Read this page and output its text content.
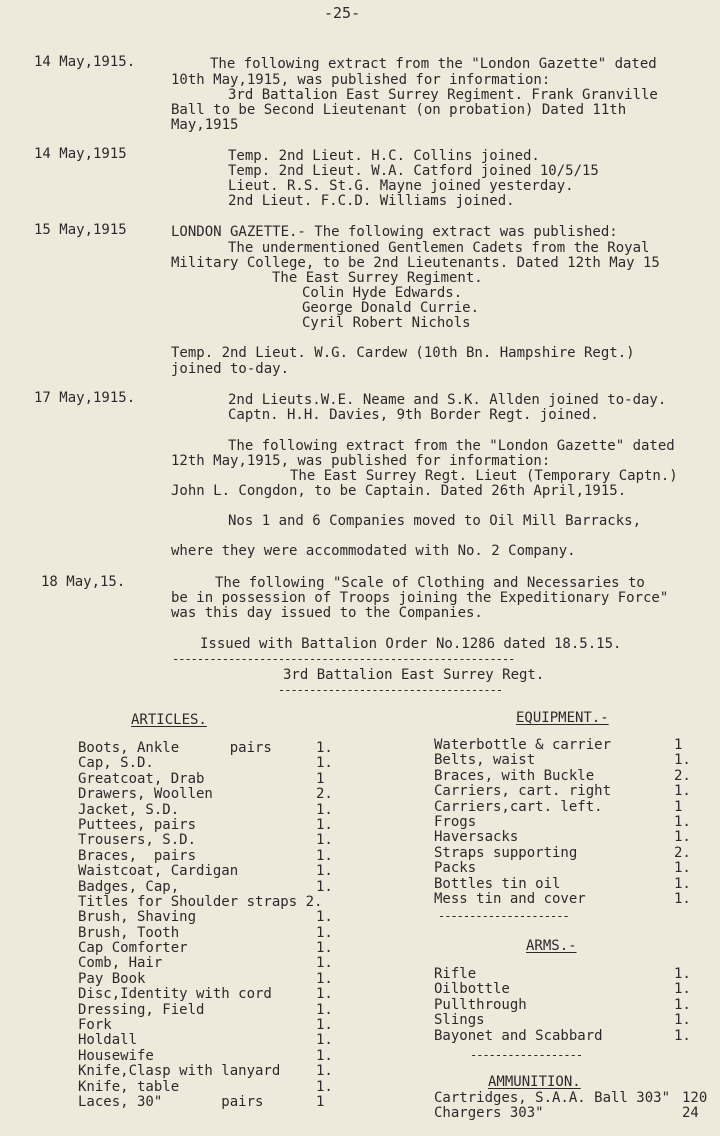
-25-
14 May,1915.	The following extract from the "London Gazette" dated
10th May,1915, was published for information:
3rd Battalion East Surrey Regiment. Frank Granville
Ball to be Second Lieutenant (on probation) Dated 11th
May,1915
14 May,1915	Temp. 2nd Lieut. H.C. Collins joined.
Temp. 2nd Lieut. W.A. Catford joined 10/5/15
Lieut. R.S. St.G. Mayne joined yesterday.
2nd Lieut. F.C.D. Williams joined.
15 May,1915	LONDON GAZETTE.- The following extract was published:
The undermentioned Gentlemen Cadets from the Royal
Military College, to be 2nd Lieutenants. Dated 12th May 15
The East Surrey Regiment.
Colin Hyde Edwards.
George Donald Currie.
Cyril Robert Nichols
Temp. 2nd Lieut. W.G. Cardew (10th Bn. Hampshire Regt.)
joined to-day.
17 May,1915.	2nd Lieuts.W.E. Neame and S.K. Allden joined to-day.
Captn. H.H. Davies, 9th Border Regt. joined.
The following extract from the "London Gazette" dated
12th May,1915, was published for information:
The East Surrey Regt. Lieut (Temporary Captn.)
John L. Congdon, to be Captain. Dated 26th April,1915.
Nos 1 and 6 Companies moved to Oil Mill Barracks,
where they were accommodated with No. 2 Company.
18 May,15.	The following "Scale of Clothing and Necessaries to
be in possession of Troops joining the Expeditionary Force"
was this day issued to the Companies.
Issued with Battalion Order No.1286 dated 18.5.15.
-------------------------------------------------------
3rd Battalion East Surrey Regt.
------------------------------------
ARTICLES.
Boots, Ankle      pairs	1.
Cap, S.D.	1.
Greatcoat, Drab	1
Drawers, Woollen	2.
Jacket, S.D.	1.
Puttees, pairs	1.
Trousers, S.D.	1.
Braces,  pairs	1.
Waistcoat, Cardigan	1.
Badges, Cap,	1.
Titles for Shoulder straps 2.
Brush, Shaving	1.
Brush, Tooth	1.
Cap Comforter	1.
Comb, Hair	1.
Pay Book	1.
Disc,Identity with cord	1.
Dressing, Field	1.
Fork	1.
Holdall	1.
Housewife	1.
Knife,Clasp with lanyard	1.
Knife, table	1.
Laces, 30"       pairs	1
EQUIPMENT.-
Waterbottle & carrier	1
Belts, waist	1.
Braces, with Buckle	2.
Carriers, cart. right	1.
Carriers,cart. left.	1
Frogs	1.
Haversacks	1.
Straps supporting	2.
Packs	1.
Bottles tin oil	1.
Mess tin and cover	1.
---------------------
ARMS.-
Rifle	1.
Oilbottle	1.
Pullthrough	1.
Slings	1.
Bayonet and Scabbard	1.
------------------
AMMUNITION.
Cartridges, S.A.A. Ball 303" 120
Chargers 303"	24
